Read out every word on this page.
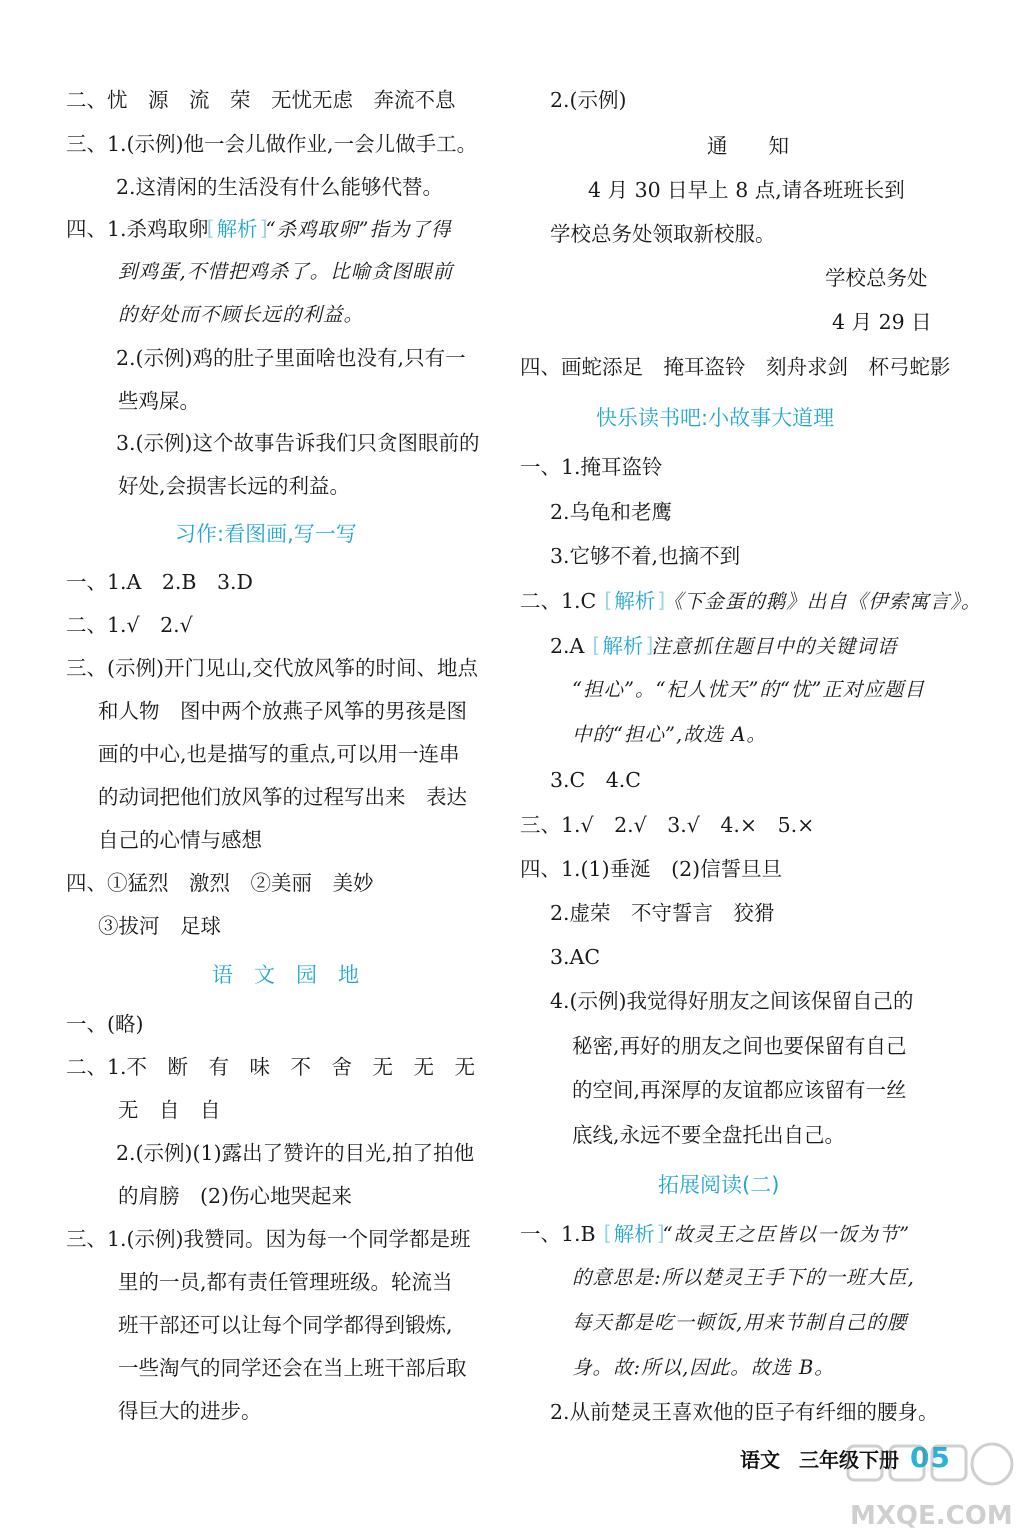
二、忧　源　流　荣　无忧无虑　奔流不息
三、1.(示例)他一会儿做作业,一会儿做手工。
2.这清闲的生活没有什么能够代替。
四、1.杀鸡取卵 [ 解析 ] “杀鸡取卵”指为了得
到鸡蛋,不惜把鸡杀了。比喻贪图眼前
的好处而不顾长远的利益。
2.(示例)鸡的肚子里面啥也没有,只有一
些鸡屎。
3.(示例)这个故事告诉我们只贪图眼前的
好处,会损害长远的利益。
习作:看图画,写一写
一、1.A　2.B　3.D
二、1.√　2.√
三、(示例)开门见山,交代放风筝的时间、地点
和人物　图中两个放燕子风筝的男孩是图
画的中心,也是描写的重点,可以用一连串
的动词把他们放风筝的过程写出来　表达
自己的心情与感想
四、①猛烈　激烈　②美丽　美妙
③拔河　足球
语　文　园　地
一、(略)
二、1.不　断　有　味　不　舍　无　无　无
无　自　自
2.(示例)(1)露出了赞许的目光,拍了拍他
的肩膀　(2)伤心地哭起来
三、1.(示例)我赞同。因为每一个同学都是班
里的一员,都有责任管理班级。轮流当
班干部还可以让每个同学都得到锻炼,
一些淘气的同学还会在当上班干部后取
得巨大的进步。
2.(示例)
通　　知
4 月 30 日早上 8 点,请各班班长到
学校总务处领取新校服。
学校总务处
4 月 29 日
四、画蛇添足　掩耳盗铃　刻舟求剑　杯弓蛇影
快乐读书吧:小故事大道理
一、1.掩耳盗铃
2.乌龟和老鹰
3.它够不着,也摘不到
二、1.C [ 解析 ] 《下金蛋的鹅》出自《伊索寓言》。
2.A [ 解析 ] 注意抓住题目中的关键词语
“担心”。“杞人忧天”的“忧”正对应题目
中的“担心”,故选 A。
3.C　4.C
三、1.√　2.√　3.√　4.×　5.×
四、1.(1)垂涎　(2)信誓旦旦
2.虚荣　不守誓言　狡猾
3.AC
4.(示例)我觉得好朋友之间该保留自己的
秘密,再好的朋友之间也要保留有自己
的空间,再深厚的友谊都应该留有一丝
底线,永远不要全盘托出自己。
拓展阅读(二)
一、1.B [ 解析 ] “故灵王之臣皆以一饭为节”
的意思是:所以楚灵王手下的一班大臣,
每天都是吃一顿饭,用来节制自己的腰
身。故:所以,因此。故选 B。
2.从前楚灵王喜欢他的臣子有纤细的腰身。
语文 三年级下册 05
MXQE.COM
